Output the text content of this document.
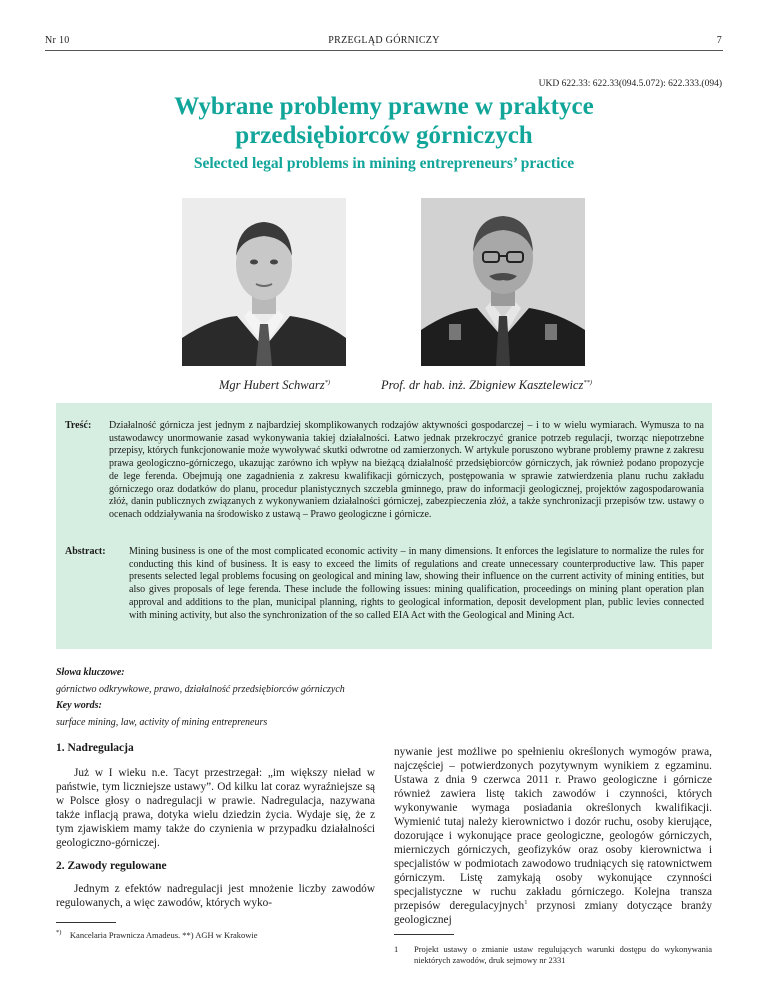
Nr 10	PRZEGLĄD GÓRNICZY	7
UKD 622.33: 622.33(094.5.072): 622.333.(094)
Wybrane problemy prawne w praktyce
przedsiębiorców górniczych
Selected legal problems in mining entrepreneurs’ practice
Mgr Hubert Schwarz*)	Prof. dr hab. inż. Zbigniew Kasztelewicz**)
Treść: Działalność górnicza jest jednym z najbardziej skomplikowanych rodzajów aktywności gospodarczej – i to w wielu wymiarach. Wymusza to na ustawodawcy unormowanie zasad wykonywania takiej działalności. Łatwo jednak przekroczyć granice potrzeb regulacji, tworząc niepotrzebne przepisy, których funkcjonowanie może wywoływać skutki odwrotne od zamierzonych. W artykule poruszono wybrane problemy prawne z zakresu prawa geologiczno-górniczego, ukazując zarówno ich wpływ na bieżącą działalność przedsiębiorców górniczych, jak również podano propozycje de lege ferenda. Obejmują one zagadnienia z zakresu kwalifikacji górniczych, postępowania w sprawie zatwierdzenia planu ruchu zakładu górniczego oraz dodatków do planu, procedur planistycznych szczebla gminnego, praw do informacji geologicznej, projektów zagospodarowania złóż, danin publicznych związanych z wykonywaniem działalności górniczej, zabezpieczenia złóż, a także synchronizacji przepisów tzw. ustawy o ocenach oddziaływania na środowisko z ustawą – Prawo geologiczne i górnicze.
Abstract: Mining business is one of the most complicated economic activity – in many dimensions. It enforces the legislature to normalize the rules for conducting this kind of business. It is easy to exceed the limits of regulations and create unnecessary counterproductive law. This paper presents selected legal problems focusing on geological and mining law, showing their influence on the current activity of mining entities, but also gives proposals of lege ferenda. These include the following issues: mining qualification, proceedings on mining plant operation plan approval and additions to the plan, municipal planning, rights to geological information, deposit development plan, public levies connected with mining activity, but also the synchronization of the so called EIA Act with the Geological and Mining Act.
Słowa kluczowe:
górnictwo odkrywkowe, prawo, działalność przedsiębiorców górniczych
Key words:
surface mining, law, activity of mining entrepreneurs
1. Nadregulacja

Już w I wieku n.e. Tacyt przestrzegał: „im większy nieład w państwie, tym liczniejsze ustawy”. Od kilku lat coraz wyraźniejsze są w Polsce głosy o nadregulacji w prawie. Nadregulacja, nazywana także inflacją prawa, dotyka wielu dziedzin życia. Wydaje się, że z tym zjawiskiem mamy także do czynienia w przypadku działalności geologiczno-górniczej.

2. Zawody regulowane

Jednym z efektów nadregulacji jest mnożenie liczby zawodów regulowanych, a więc zawodów, których wyko-

nywanie jest możliwe po spełnieniu określonych wymogów prawa, najczęściej – potwierdzonych pozytywnym wynikiem z egzaminu. Ustawa z dnia 9 czerwca 2011 r. Prawo geologiczne i górnicze również zawiera listę takich zawodów i czynności, których wykonywanie wymaga posiadania określonych kwalifikacji. Wymienić tutaj należy kierownictwo i dozór ruchu, osoby kierujące, dozorujące i wykonujące prace geologiczne, geologów górniczych, mierniczych górniczych, geofizyków oraz osoby kierownictwa i specjalistów w podmiotach zawodowo trudniących się ratownictwem górniczym. Listę zamykają osoby wykonujące czynności specjalistyczne w ruchu zakładu górniczego. Kolejna transza przepisów deregulacyjnych$^1$ przynosi zmiany dotyczące branży geologicznej

*) Kancelaria Prawnicza Amadeus. **) AGH w Krakowie
1 Projekt ustawy o zmianie ustaw regulujących warunki dostępu do wykonywania niektórych zawodów, druk sejmowy nr 2331
